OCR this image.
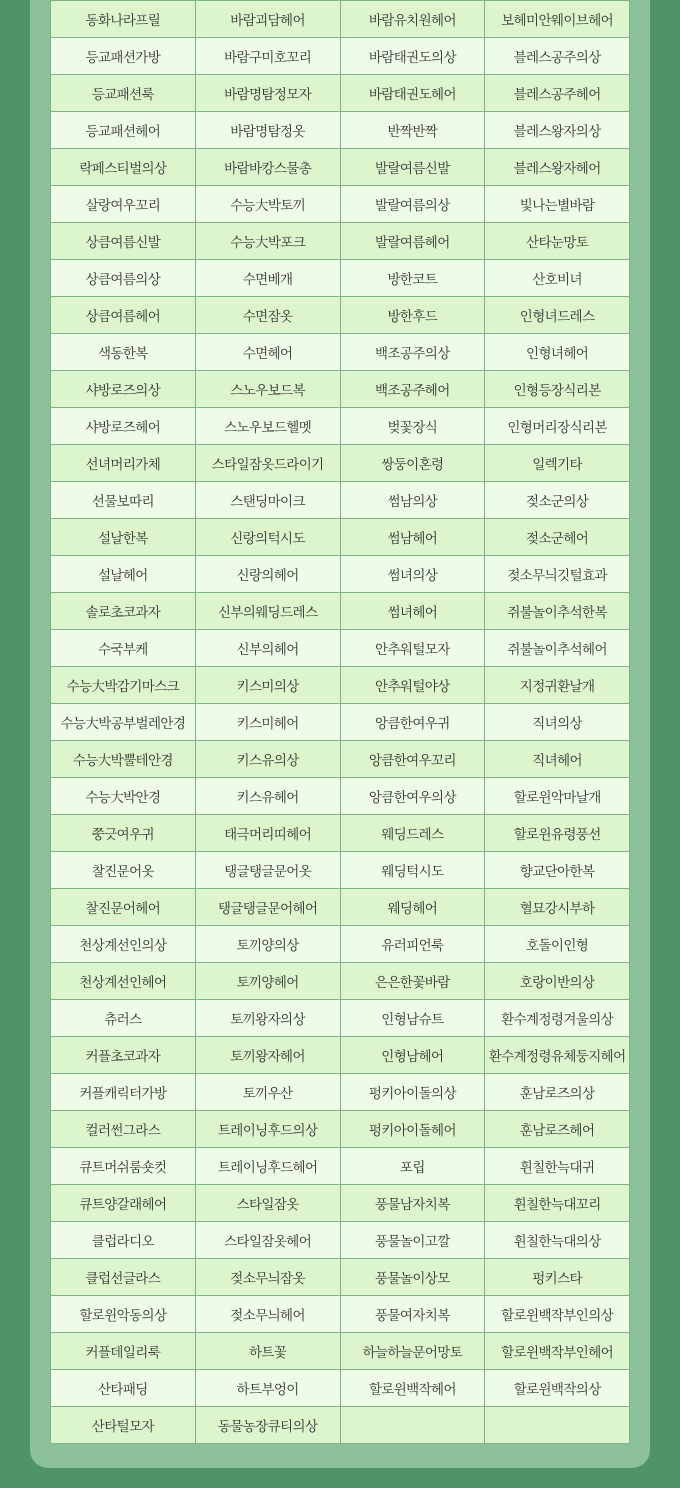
동화나라프릴	바람괴담헤어	바람유치원헤어	보헤미안웨이브헤어
등교패션가방	바람구미호꼬리	바람태권도의상	블레스공주의상
등교패션룩	바람명탐정모자	바람태권도헤어	블레스공주헤어
등교패션헤어	바람명탐정옷	반짝반짝	블레스왕자의상
락페스티벌의상	바람바캉스물총	발랄여름신발	블레스왕자헤어
살랑여우꼬리	수능大박토끼	발랄여름의상	빛나는별바람
상큼여름신발	수능大박포크	발랄여름헤어	산타눈망토
상큼여름의상	수면베개	방한코트	산호비녀
상큼여름헤어	수면잠옷	방한후드	인형녀드레스
색동한복	수면헤어	백조공주의상	인형녀헤어
샤방로즈의상	스노우보드복	백조공주헤어	인형등장식리본
샤방로즈헤어	스노우보드헬멧	벚꽃장식	인형머리장식리본
선녀머리가체	스타일잠옷드라이기	쌍둥이혼령	일렉기타
선물보따리	스탠딩마이크	썸남의상	젖소군의상
설날한복	신랑의턱시도	썸남헤어	젖소군헤어
설날헤어	신랑의헤어	썸녀의상	젖소무늬깃털효과
솔로초코과자	신부의웨딩드레스	썸녀헤어	쥐불놀이추석한복
수국부케	신부의헤어	안추워털모자	쥐불놀이추석헤어
수능大박감기마스크	키스미의상	안추워털야상	지정귀환날개
수능大박공부벌레안경	키스미헤어	앙큼한여우귀	직녀의상
수능大박뿔테안경	키스유의상	앙큼한여우꼬리	직녀헤어
수능大박안경	키스유헤어	앙큼한여우의상	할로윈악마날개
쭝긋여우귀	태극머리띠헤어	웨딩드레스	할로윈유령풍선
찰진문어옷	탱글탱글문어옷	웨딩턱시도	향교단아한복
찰진문어헤어	탱글탱글문어헤어	웨딩헤어	혈묘강시부하
천상계선인의상	토끼양의상	유러피언룩	호돌이인형
천상계선인헤어	토끼양헤어	은은한꽃바람	호랑이반의상
츄러스	토끼왕자의상	인형남슈트	환수계정령겨울의상
커플초코과자	토끼왕자헤어	인형남헤어	환수계정령유체둥지헤어
커플캐릭터가방	토끼우산	펑키아이돌의상	훈남로즈의상
컬러썬그라스	트레이닝후드의상	펑키아이돌헤어	훈남로즈헤어
큐트머쉬룸숏컷	트레이닝후드헤어	포립	휜칠한늑대귀
큐트양갈래헤어	스타일잠옷	풍물남자치복	휜칠한늑대꼬리
클럽라디오	스타일잠옷헤어	풍물놀이고깔	휜칠한늑대의상
클럽선글라스	젖소무늬잠옷	풍물놀이상모	펑키스타
할로윈악동의상	젖소무늬헤어	풍물여자치복	할로윈백작부인의상
커플데일리룩	하트꽃	하늘하늘문어망토	할로윈백작부인헤어
산타패딩	하트부엉이	할로윈백작헤어	할로윈백작의상
산타털모자	동물농장큐티의상		
